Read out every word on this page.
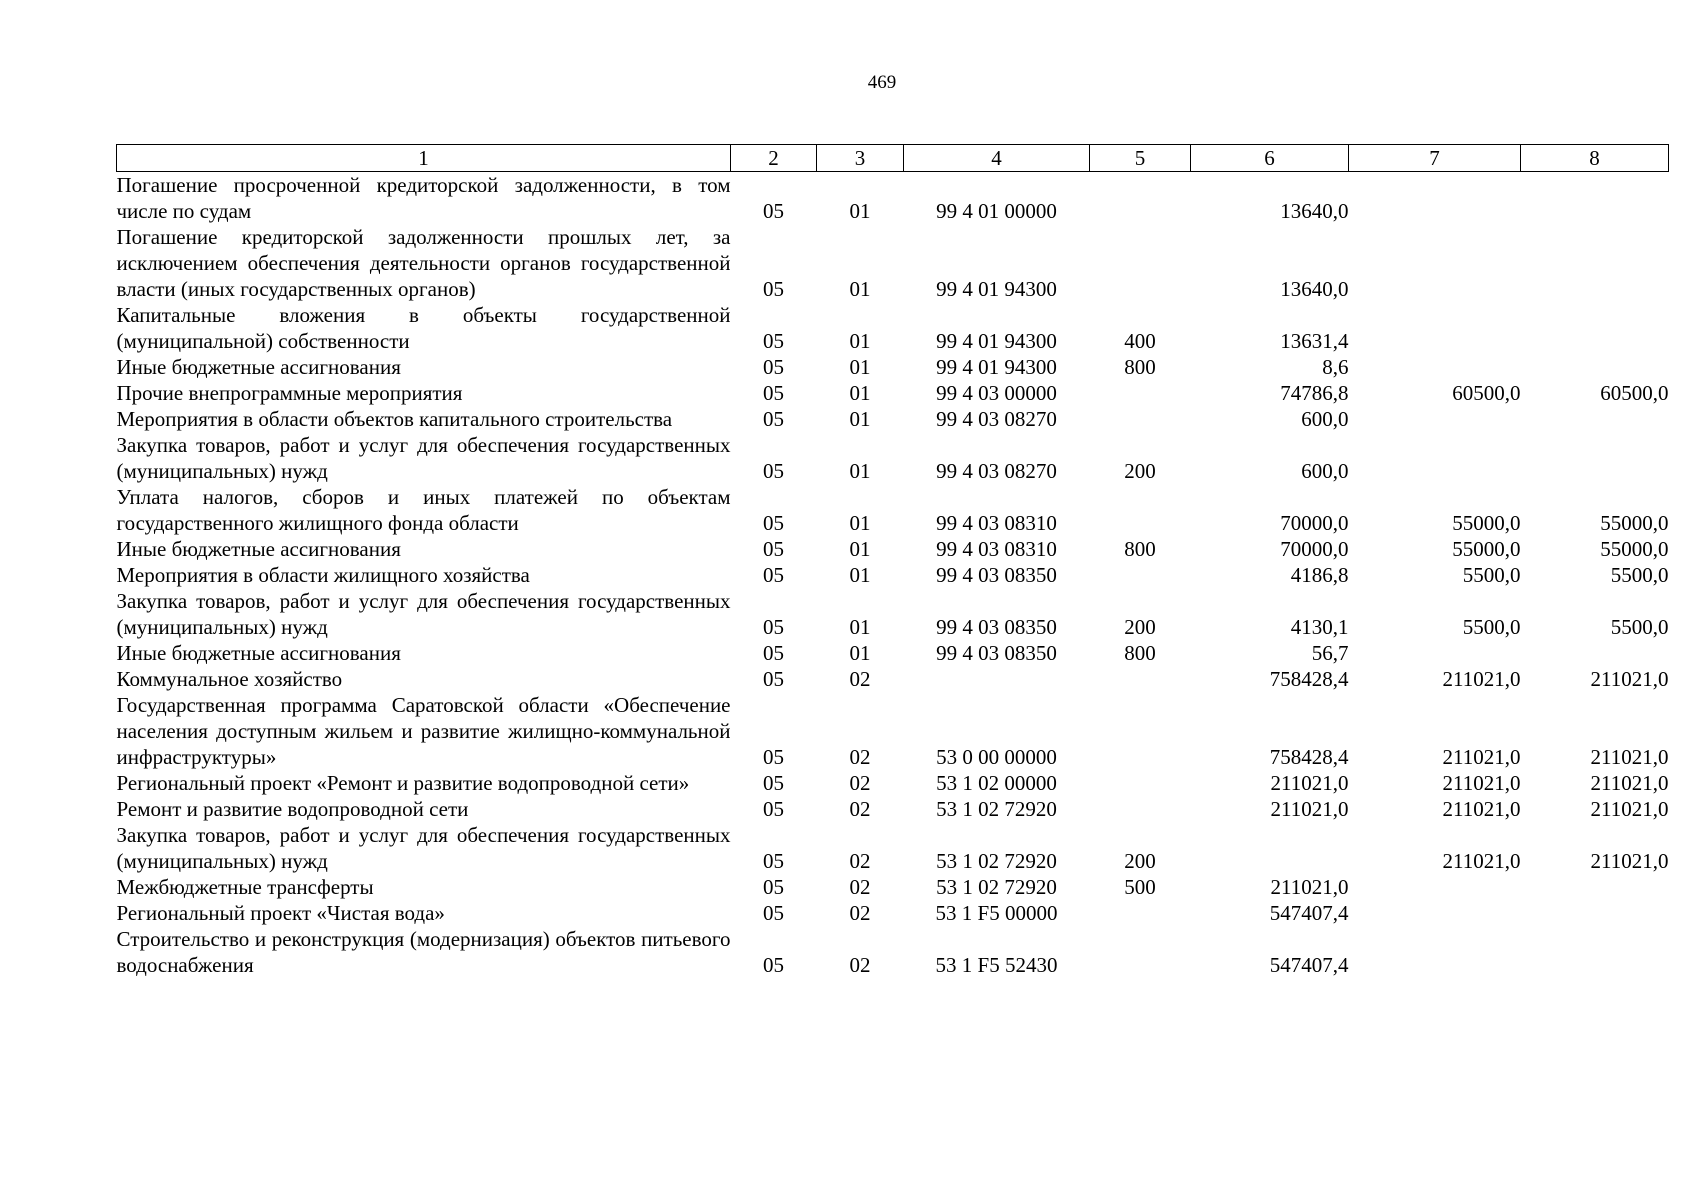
469
1	2	3	4	5	6	7	8
Погашение просроченной кредиторской задолженности, в том числе по судам	05	01	99 4 01 00000		13640,0		
Погашение кредиторской задолженности прошлых лет, за исключением обеспечения деятельности органов государственной власти (иных государственных органов)	05	01	99 4 01 94300		13640,0		
Капитальные вложения в объекты государственной (муниципальной) собственности	05	01	99 4 01 94300	400	13631,4		
Иные бюджетные ассигнования	05	01	99 4 01 94300	800	8,6		
Прочие внепрограммные мероприятия	05	01	99 4 03 00000		74786,8	60500,0	60500,0
Мероприятия в области объектов капитального строительства	05	01	99 4 03 08270		600,0		
Закупка товаров, работ и услуг для обеспечения государственных (муниципальных) нужд	05	01	99 4 03 08270	200	600,0		
Уплата налогов, сборов и иных платежей по объектам государственного жилищного фонда области	05	01	99 4 03 08310		70000,0	55000,0	55000,0
Иные бюджетные ассигнования	05	01	99 4 03 08310	800	70000,0	55000,0	55000,0
Мероприятия в области жилищного хозяйства	05	01	99 4 03 08350		4186,8	5500,0	5500,0
Закупка товаров, работ и услуг для обеспечения государственных (муниципальных) нужд	05	01	99 4 03 08350	200	4130,1	5500,0	5500,0
Иные бюджетные ассигнования	05	01	99 4 03 08350	800	56,7		
Коммунальное хозяйство	05	02			758428,4	211021,0	211021,0
Государственная программа Саратовской области «Обеспечение населения доступным жильем и развитие жилищно-коммунальной инфраструктуры»	05	02	53 0 00 00000		758428,4	211021,0	211021,0
Региональный проект «Ремонт и развитие водопроводной сети»	05	02	53 1 02 00000		211021,0	211021,0	211021,0
Ремонт и развитие водопроводной сети	05	02	53 1 02 72920		211021,0	211021,0	211021,0
Закупка товаров, работ и услуг для обеспечения государственных (муниципальных) нужд	05	02	53 1 02 72920	200		211021,0	211021,0
Межбюджетные трансферты	05	02	53 1 02 72920	500	211021,0		
Региональный проект «Чистая вода»	05	02	53 1 F5 00000		547407,4		
Строительство и реконструкция (модернизация) объектов питьевого водоснабжения	05	02	53 1 F5 52430		547407,4		
